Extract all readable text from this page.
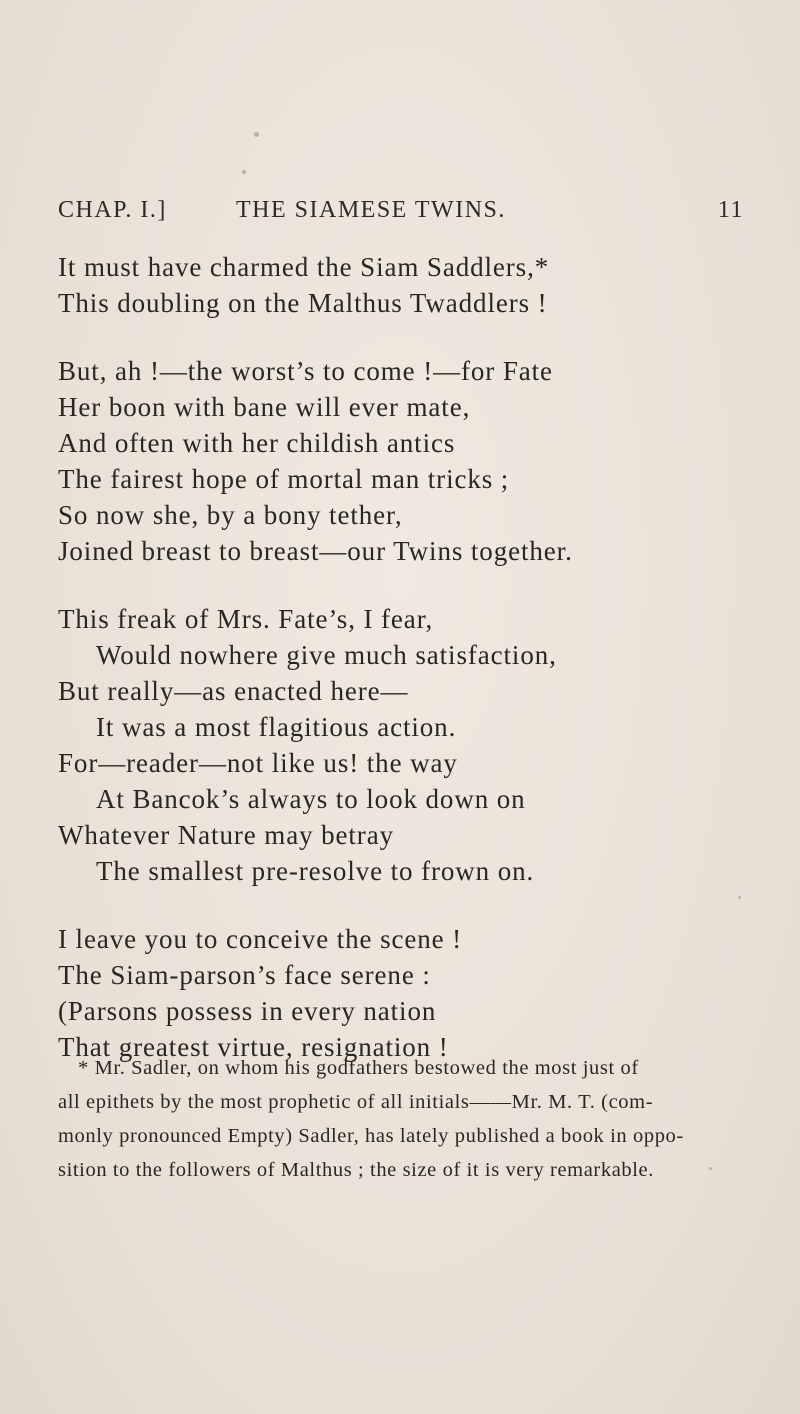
CHAP. I.]	THE SIAMESE TWINS.	11
It must have charmed the Siam Saddlers,*
This doubling on the Malthus Twaddlers !
But, ah !—the worst’s to come !—for Fate
Her boon with bane will ever mate,
And often with her childish antics
The fairest hope of mortal man tricks ;
So now she, by a bony tether,
Joined breast to breast—our Twins together.
This freak of Mrs. Fate’s, I fear,
Would nowhere give much satisfaction,
But really—as enacted here—
It was a most flagitious action.
For—reader—not like us! the way
At Bancok’s always to look down on
Whatever Nature may betray
The smallest pre-resolve to frown on.
I leave you to conceive the scene !
The Siam-parson’s face serene :
(Parsons possess in every nation
That greatest virtue, resignation !
* Mr. Sadler, on whom his godfathers bestowed the most just of
all epithets by the most prophetic of all initials——Mr. M. T. (com-
monly pronounced Empty) Sadler, has lately published a book in oppo-
sition to the followers of Malthus ; the size of it is very remarkable.
